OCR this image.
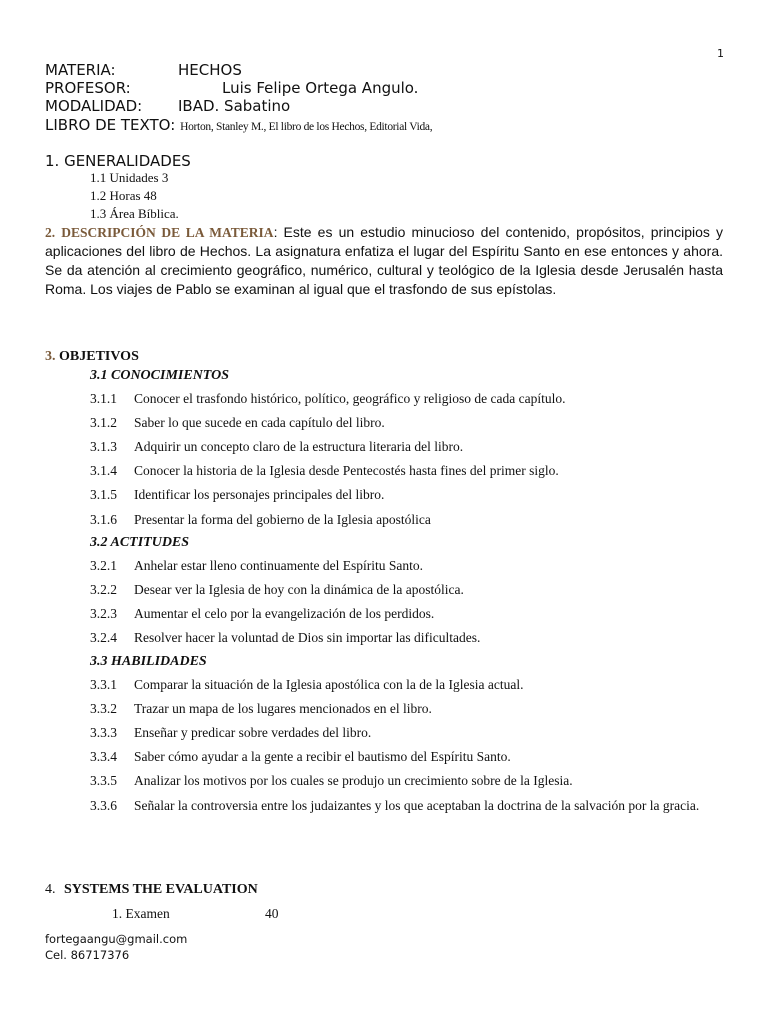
1
MATERIA:	HECHOS
PROFESOR:	Luis Felipe Ortega Angulo.
MODALIDAD: IBAD. Sabatino
LIBRO DE TEXTO: Horton, Stanley M., El libro de los Hechos, Editorial Vida,
1. GENERALIDADES
1.1 Unidades 3
1.2 Horas 48
1.3 Área Bíblica.
2. DESCRIPCIÓN DE LA MATERIA: Este es un estudio minucioso del contenido, propósitos, principios y aplicaciones del libro de Hechos. La asignatura enfatiza el lugar del Espíritu Santo en ese entonces y ahora. Se da atención al crecimiento geográfico, numérico, cultural y teológico de la Iglesia desde Jerusalén hasta Roma. Los viajes de Pablo se examinan al igual que el trasfondo de sus epístolas.
3. OBJETIVOS
3.1 CONOCIMIENTOS
3.1.1 Conocer el trasfondo histórico, político, geográfico y religioso de cada capítulo.
3.1.2 Saber lo que sucede en cada capítulo del libro.
3.1.3 Adquirir un concepto claro de la estructura literaria del libro.
3.1.4 Conocer la historia de la Iglesia desde Pentecostés hasta fines del primer siglo.
3.1.5 Identificar los personajes principales del libro.
3.1.6 Presentar la forma del gobierno de la Iglesia apostólica
3.2 ACTITUDES
3.2.1 Anhelar estar lleno continuamente del Espíritu Santo.
3.2.2 Desear ver la Iglesia de hoy con la dinámica de la apostólica.
3.2.3 Aumentar el celo por la evangelización de los perdidos.
3.2.4 Resolver hacer la voluntad de Dios sin importar las dificultades.
3.3 HABILIDADES
3.3.1 Comparar la situación de la Iglesia apostólica con la de la Iglesia actual.
3.3.2 Trazar un mapa de los lugares mencionados en el libro.
3.3.3 Enseñar y predicar sobre verdades del libro.
3.3.4 Saber cómo ayudar a la gente a recibir el bautismo del Espíritu Santo.
3.3.5 Analizar los motivos por los cuales se produjo un crecimiento sobre de la Iglesia.
3.3.6 Señalar la controversia entre los judaizantes y los que aceptaban la doctrina de la salvación por la gracia.
4. SYSTEMS THE EVALUATION
1. Examen	40
fortegaangu@gmail.com
Cel. 86717376
